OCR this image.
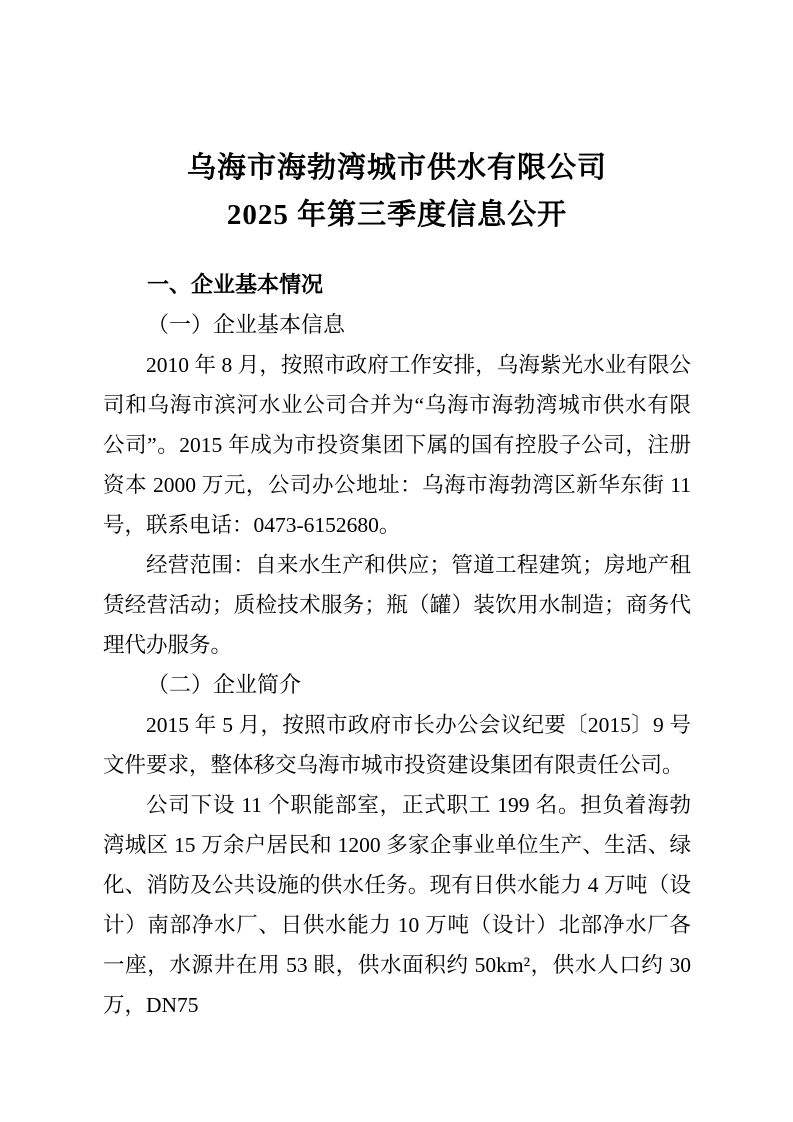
乌海市海勃湾城市供水有限公司
2025 年第三季度信息公开
一、企业基本情况
（一）企业基本信息

2010 年 8 月，按照市政府工作安排，乌海紫光水业有限公司和乌海市滨河水业公司合并为“乌海市海勃湾城市供水有限公司”。2015 年成为市投资集团下属的国有控股子公司，注册资本 2000 万元，公司办公地址：乌海市海勃湾区新华东街 11 号，联系电话：0473-6152680。

经营范围：自来水生产和供应；管道工程建筑；房地产租赁经营活动；质检技术服务；瓶（罐）装饮用水制造；商务代理代办服务。

（二）企业简介

2015 年 5 月，按照市政府市长办公会议纪要〔2015〕9 号文件要求，整体移交乌海市城市投资建设集团有限责任公司。

公司下设 11 个职能部室，正式职工 199 名。担负着海勃湾城区 15 万余户居民和 1200 多家企事业单位生产、生活、绿化、消防及公共设施的供水任务。现有日供水能力 4 万吨（设计）南部净水厂、日供水能力 10 万吨（设计）北部净水厂各一座，水源井在用 53 眼，供水面积约 50km²，供水人口约 30 万，DN75
